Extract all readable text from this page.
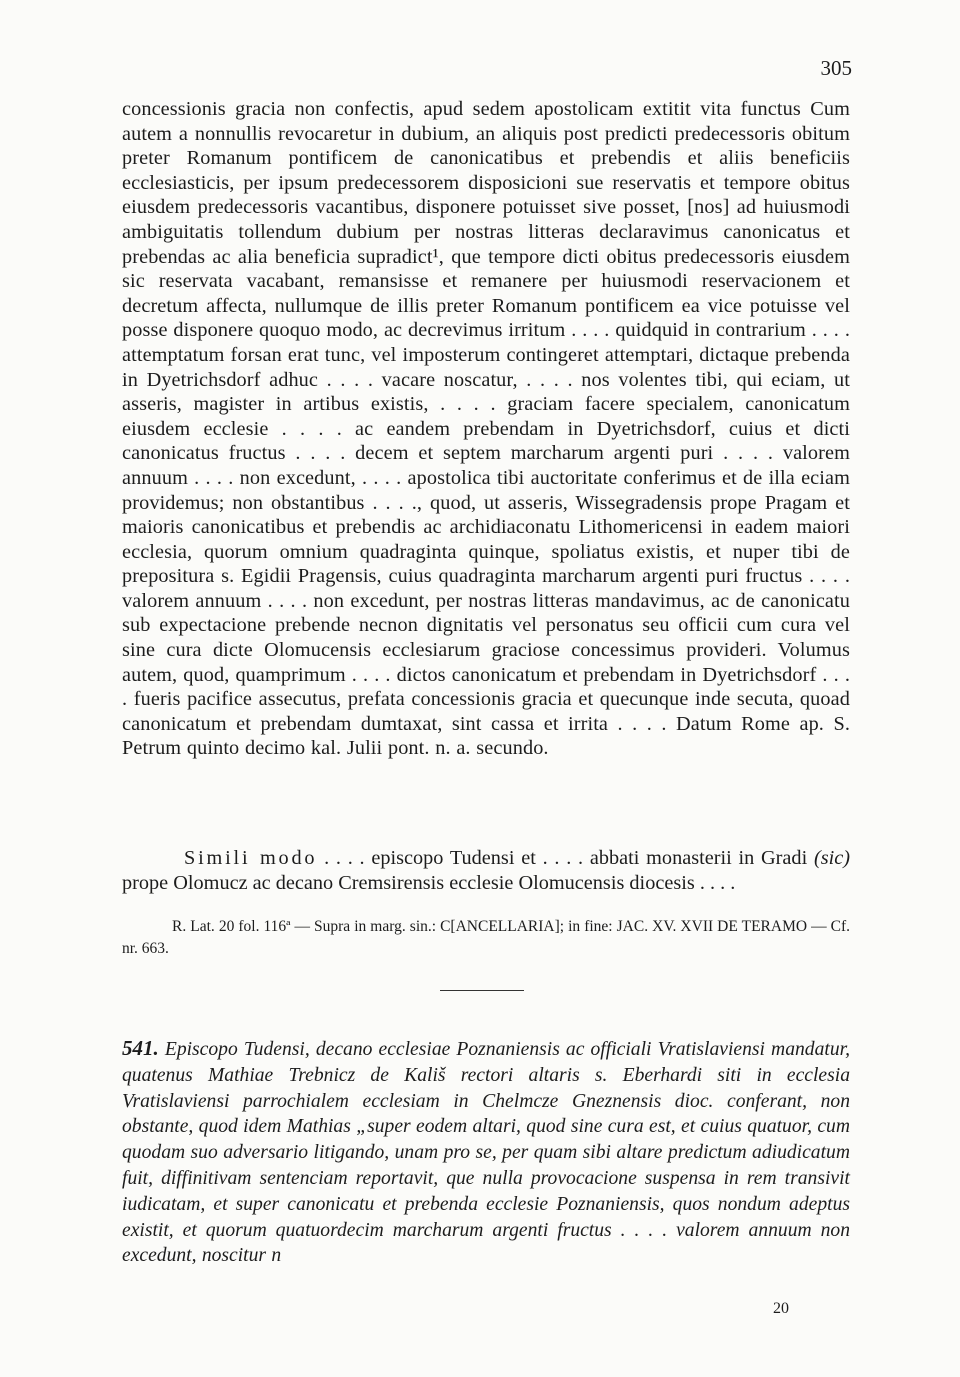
305

concessionis gracia non confectis, apud sedem apostolicam extitit vita functus Cum autem a nonnullis revocaretur in dubium, an aliquis post predicti predecessoris obitum preter Romanum pontificem de canonicatibus et prebendis et aliis beneficiis ecclesiasticis, per ipsum predecessorem disposicioni sue reservatis et tempore obitus eiusdem predecessoris vacantibus, disponere potuisset sive posset, [nos] ad huiusmodi ambiguitatis tollendum dubium per nostras litteras declaravimus canonicatus et prebendas ac alia beneficia supradict¹, que tempore dicti obitus predecessoris eiusdem sic reservata vacabant, remansisse et remanere per huiusmodi reservacionem et decretum affecta, nullumque de illis preter Romanum pontificem ea vice potuisse vel posse disponere quoquo modo, ac decrevimus irritum . . . . quidquid in contrarium . . . . attemptatum forsan erat tunc, vel imposterum contingeret attemptari, dictaque prebenda in Dyetrichsdorf adhuc . . . . vacare noscatur, . . . . nos volentes tibi, qui eciam, ut asseris, magister in artibus existis, . . . . graciam facere specialem, canonicatum eiusdem ecclesie . . . . ac eandem prebendam in Dyetrichsdorf, cuius et dicti canonicatus fructus . . . . decem et septem marcharum argenti puri . . . . valorem annuum . . . . non excedunt, . . . . apostolica tibi auctoritate conferimus et de illa eciam providemus; non obstantibus . . . ., quod, ut asseris, Wissegradensis prope Pragam et maioris canonicatibus et prebendis ac archidiaconatu Lithomericensi in eadem maiori ecclesia, quorum omnium quadraginta quinque, spoliatus existis, et nuper tibi de prepositura s. Egidii Pragensis, cuius quadraginta marcharum argenti puri fructus . . . . valorem annuum . . . . non excedunt, per nostras litteras mandavimus, ac de canonicatu sub expectacione prebende necnon dignitatis vel personatus seu officii cum cura vel sine cura dicte Olomucensis ecclesiarum graciose concessimus provideri. Volumus autem, quod, quamprimum . . . . dictos canonicatum et prebendam in Dyetrichsdorf . . . . fueris pacifice assecutus, prefata concessionis gracia et quecunque inde secuta, quoad canonicatum et prebendam dumtaxat, sint cassa et irrita . . . . Datum Rome ap. S. Petrum quinto decimo kal. Julii pont. n. a. secundo.

Simili modo . . . . episcopo Tudensi et . . . . abbati monasterii in Gradi (sic) prope Olomucz ac decano Cremsirensis ecclesie Olomucensis diocesis . . . .

R. Lat. 20 fol. 116ª — Supra in marg. sin.: C[ANCELLARIA]; in fine: JAC. XV. XVII DE TERAMO — Cf. nr. 663.

541. Episcopo Tudensi, decano ecclesiae Poznaniensis ac officiali Vratislaviensi mandatur, quatenus Mathiae Trebnicz de Kališ rectori altaris s. Eberhardi siti in ecclesia Vratislaviensi parrochialem ecclesiam in Chelmcze Gneznensis dioc. conferant, non obstante, quod idem Mathias „super eodem altari, quod sine cura est, et cuius quatuor, cum quodam suo adversario litigando, unam pro se, per quam sibi altare predictum adiudicatum fuit, diffinitivam sentenciam reportavit, que nulla provocacione suspensa in rem transivit iudicatam, et super canonicatu et prebenda ecclesie Poznaniensis, quos nondum adeptus existit, et quorum quatuordecim marcharum argenti fructus . . . . valorem annuum non excedunt, noscitur n

20
